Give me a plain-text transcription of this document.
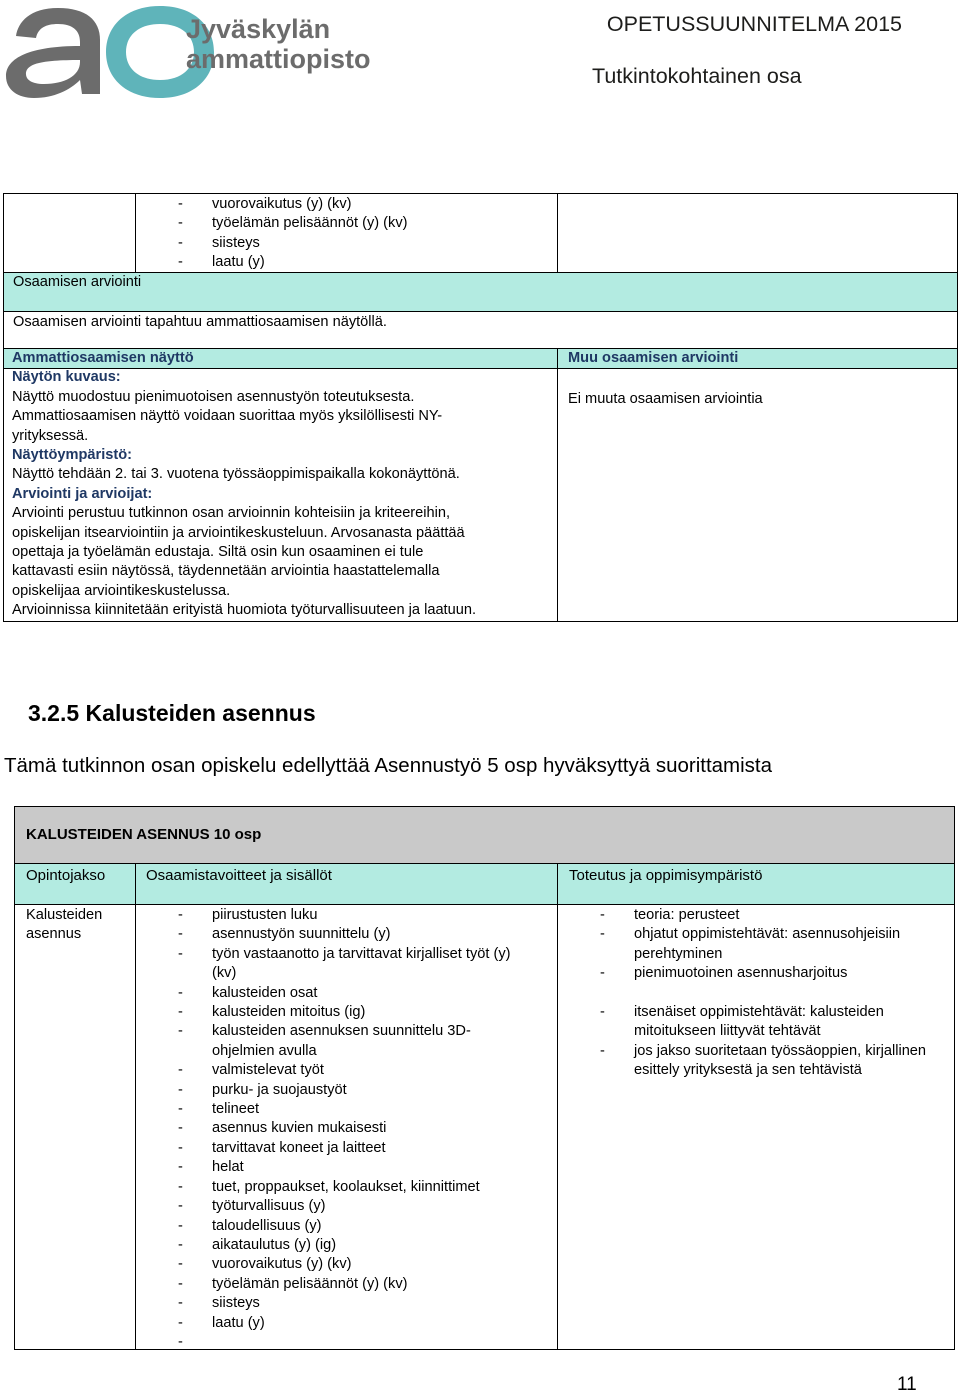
Jyväskylän
ammattiopisto
OPETUSSUUNNITELMA 2015
Tutkintokohtainen osa
- vuorovaikutus (y) (kv)
- työelämän pelisäännöt (y) (kv)
- siisteys
- laatu (y)
Osaamisen arviointi
Osaamisen arviointi tapahtuu ammattiosaamisen näytöllä.
Ammattiosaamisen näyttö
Näytön kuvaus:
Näyttö muodostuu pienimuotoisen asennustyön toteutuksesta.
Ammattiosaamisen näyttö voidaan suorittaa myös yksilöllisesti NY-
yrityksessä.
Näyttöympäristö:
Näyttö tehdään 2. tai 3. vuotena työssäoppimispaikalla kokonäyttönä.
Arviointi ja arvioijat:
Arviointi perustuu tutkinnon osan arvioinnin kohteisiin ja kriteereihin,
opiskelijan itsearviointiin ja arviointikeskusteluun. Arvosanasta päättää
opettaja ja työelämän edustaja. Siltä osin kun osaaminen ei tule
kattavasti esiin näytössä, täydennetään arviointia haastattelemalla
opiskelijaa arviointikeskustelussa.
Arvioinnissa kiinnitetään erityistä huomiota työturvallisuuteen ja laatuun.
Muu osaamisen arviointi
Ei muuta osaamisen arviointia
3.2.5 Kalusteiden asennus
Tämä tutkinnon osan opiskelu edellyttää Asennustyö 5 osp hyväksyttyä suorittamista
KALUSTEIDEN ASENNUS 10 osp
Opintojakso	Osaamistavoitteet ja sisällöt	Toteutus ja oppimisympäristö
Kalusteiden
asennus
- piirustusten luku
- asennustyön suunnittelu (y)
- työn vastaanotto ja tarvittavat kirjalliset työt (y) (kv)
- kalusteiden osat
- kalusteiden mitoitus (ig)
- kalusteiden asennuksen suunnittelu 3D-ohjelmien avulla
- valmistelevat työt
- purku- ja suojaustyöt
- telineet
- asennus kuvien mukaisesti
- tarvittavat koneet ja laitteet
- helat
- tuet, proppaukset, koolaukset, kiinnittimet
- työturvallisuus (y)
- taloudellisuus (y)
- aikataulutus (y) (ig)
- vuorovaikutus (y) (kv)
- työelämän pelisäännöt (y) (kv)
- siisteys
- laatu (y)
-
- teoria: perusteet
- ohjatut oppimistehtävät: asennusohjeisiin perehtyminen
- pienimuotoinen asennusharjoitus
- itsenäiset oppimistehtävät: kalusteiden mitoitukseen liittyvät tehtävät
- jos jakso suoritetaan työssäoppien, kirjallinen esittely yrityksestä ja sen tehtävistä
11
